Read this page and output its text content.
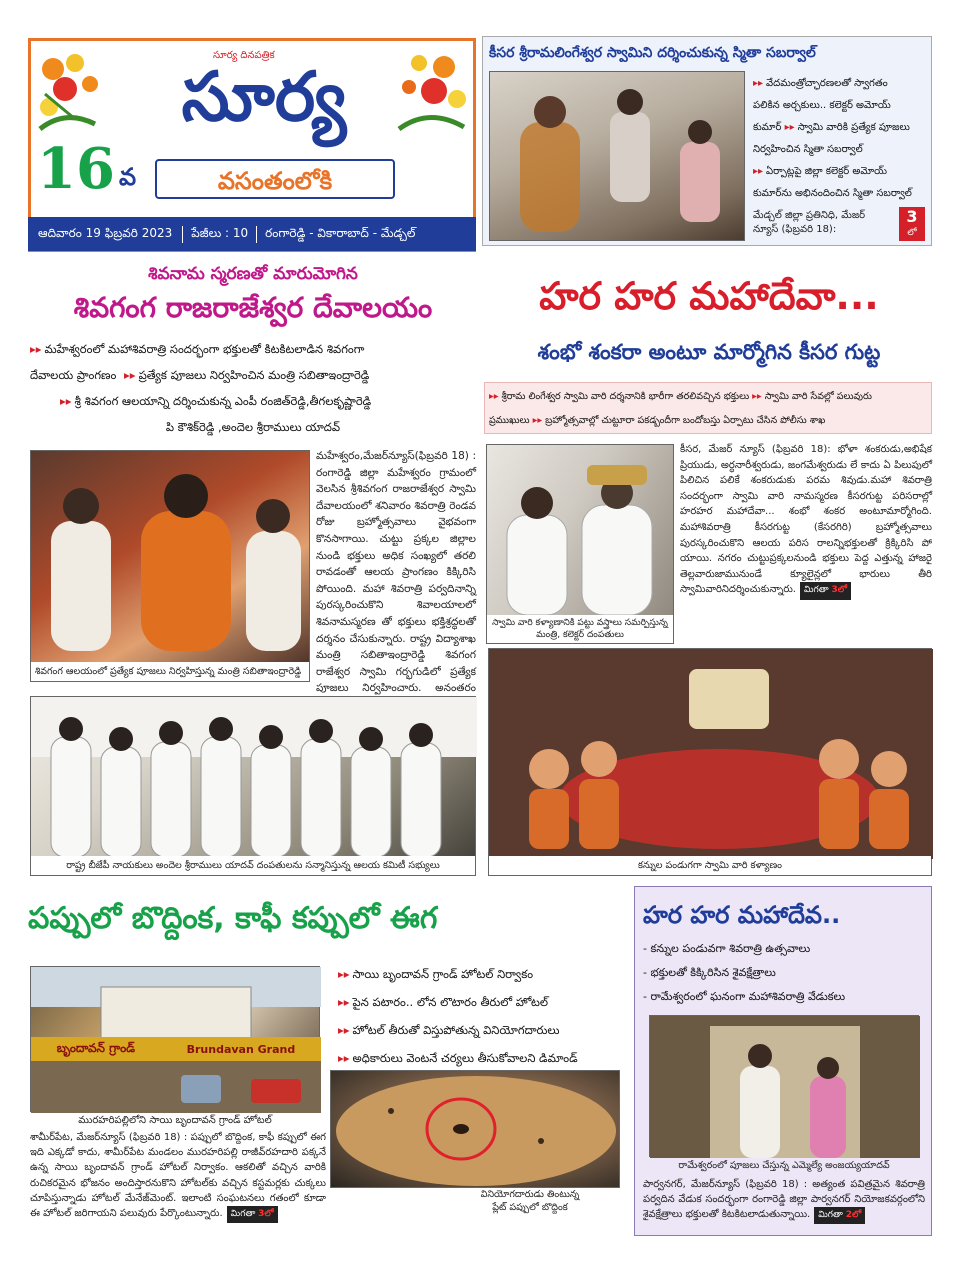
సూర్య దినపత్రిక
సూర్య
16 వ	వసంతంలోకి
ఆదివారం 19 ఫిబ్రవరి 2023	పేజీలు : 10	రంగారెడ్డి - వికారాబాద్ - మేడ్చల్
కీసర శ్రీరామలింగేశ్వర స్వామిని దర్శించుకున్న స్మితా సబర్వాల్
▸▸ వేదమంత్రోచ్ఛారణలతో స్వాగతం
పలికిన అర్చకులు.. కలెక్టర్ అమోయ్
కుమార్ ▸▸ స్వామి వారికి ప్రత్యేక పూజలు
నిర్వహించిన స్మితా సబర్వాల్
▸▸ ఏర్పాట్లపై జిల్లా కలెక్టర్ అమోయ్
కుమార్‌ను అభినందించిన స్మితా సబర్వాల్
మేడ్చల్ జిల్లా ప్రతినిధి, మేజర్ న్యూస్ (ఫిబ్రవరి 18):
3
లో
శివనామ స్మరణతో మారుమోగిన
శివగంగ రాజరాజేశ్వర దేవాలయం
▸▸ మహేశ్వరంలో మహాశివరాత్రి సందర్భంగా భక్తులతో కిటకిటలాడిన శివగంగా
దేవాలయ ప్రాంగణం  ▸▸ ప్రత్యేక పూజలు నిర్వహించిన మంత్రి సబితాఇంద్రారెడ్డి
▸▸ శ్రీ శివగంగ ఆలయాన్ని దర్శించుకున్న ఎంపీ రంజిత్‌రెడ్డి,తీగలకృష్ణారెడ్డి
పి కౌశిక్‌రెడ్డి ,అందెల శ్రీరాములు యాదవ్
శివగంగ ఆలయంలో ప్రత్యేక పూజలు నిర్వహిస్తున్న మంత్రి సబితాఇంద్రారెడ్డి
మహేశ్వరం,మేజర్‌న్యూస్(ఫిబ్రవరి 18) : రంగారెడ్డి జిల్లా మహేశ్వరం గ్రామంలో వెలసిన శ్రీశివగంగ రాజరాజేశ్వర స్వామి దేవాలయంలో శనివారం శివరాత్రి రెండవ రోజు బ్రహ్మోత్సవాలు వైభవంగా కొనసాగాయి. చుట్టు ప్రక్కల జిల్లాల నుండి భక్తులు అధిక సంఖ్యలో తరలి రావడంతో ఆలయ ప్రాంగణం కిక్కిరిసి పోయింది. మహా శివరాత్రి పర్వదినాన్ని పురస్కరించుకొని శివాలయాలలో శివనామస్మరణ తో భక్తులు భక్తిశ్రద్ధలతో దర్శనం చేసుకున్నారు. రాష్ట్ర విద్యాశాఖ మంత్రి సబితాఇంద్రారెడ్డి శివగంగ రాజేశ్వర స్వామి గర్భగుడిలో ప్రత్యేక పూజలు నిర్వహించారు. అనంతరం
రాష్ట్ర బీజేపీ నాయకులు అందెల శ్రీరాములు యాదవ్ దంపతులను సన్మానిస్తున్న ఆలయ కమిటీ సభ్యులు
హర హర మహాదేవా...
శంభో శంకరా అంటూ మార్మోగిన కీసర గుట్ట
▸▸ శ్రీరామ లింగేశ్వర స్వామి వారి దర్శనానికి భారీగా తరలివచ్చిన భక్తులు ▸▸ స్వామి వారి సేవల్లో పలువురు
ప్రముఖులు ▸▸ బ్రహ్మోత్సవాల్లో చుట్టూరా పకడ్బందీగా బందోబస్తు ఏర్పాటు చేసిన పోలీసు శాఖ
స్వామి వారి కళ్యాణానికి పట్టు వస్త్రాలు సమర్పిస్తున్న మంత్రి, కలెక్టర్ దంపతులు
కీసర, మేజర్ న్యూస్ (ఫిబ్రవరి 18): భోళా శంకరుడు,అభిషేక ప్రియుడు, అర్ధనారీశ్వరుడు, జంగమేశ్వరుడు లే కాదు ఏ పిలుపులో పిలిచిన పలికే శంకరుడుకు పరమ శివుడు.మహా శివరాత్రి సందర్భంగా స్వామి వారి నామస్మరణ కీసరగుట్ట పరిసరాల్లో హరహర మహాదేవా... శంభో శంకర అంటూమార్మోగింది. మహాశివరాత్రి కీసరగుట్ట (కేసరగిరి) బ్రహ్మోత్సవాలు పురస్కరించుకొని ఆలయ పరిస రాలన్నిభక్తులతో క్రిక్కిరిసి పో యాయి. నగరం చుట్టుప్రక్కలనుండి భక్తులు పెద్ద ఎత్తున్న హాజరై తెల్లవారుజామునుండే క్యూలైన్లలో భారులు తీరి స్వామివారినిదర్శించుకున్నారు. మిగతా 3లో
కన్నుల పండుగగా స్వామి వారి కళ్యాణం
పప్పులో బొద్దింక, కాఫీ కప్పులో ఈగ
బృందావన్ గ్రాండ్	Brundavan Grand
మురహరిపల్లిలోని సాయి బృందావన్ గ్రాండ్ హోటల్
▸▸ సాయి బృందావన్ గ్రాండ్ హోటల్ నిర్వాకం
▸▸ పైన పటారం.. లోన లొటారం తీరులో హోటల్
▸▸ హోటల్ తీరుతో విస్తుపోతున్న వినియోగదారులు
▸▸ అధికారులు వెంటనే చర్యలు తీసుకోవాలని డిమాండ్
వినియోగదారుడు తింటున్న
ప్లేట్ పప్పులో బొద్దింక
శామీర్‌పేట, మేజర్‌న్యూస్ (ఫిబ్రవరి 18) : పప్పులో బొద్దింక, కాఫీ కప్పులో ఈగ ఇది ఎక్కడో కాదు, శామీర్‌పేట మండలం మురహరిపల్లి రాజీవ్‌రహదారి పక్కనే ఉన్న సాయి బృందావన్ గ్రాండ్ హోటల్ నిర్వాకం. ఆకలితో వచ్చిన వారికి రుచికరమైన భోజనం అందిస్తారనుకొని హోటల్‌కు వచ్చిన కస్టమర్లకు చుక్కలు చూపిస్తున్నాడు హోటల్ మేనేజ్‌మెంట్. ఇలాంటి సంఘటనలు గతంలో కూడా ఈ హోటల్ జరిగాయని పలువురు పేర్కొంటున్నారు. మిగతా 3లో
హర హర మహాదేవ..
- కన్నుల పండువగా శివరాత్రి ఉత్సవాలు
- భక్తులతో కిక్కిరిసిన శైవక్షేత్రాలు
- రామేశ్వరంలో ఘనంగా మహాశివరాత్రి వేడుకలు
రామేశ్వరంలో పూజలు చేస్తున్న ఎమ్మెల్యే అంజయ్యయాదవ్
పార్వనగర్, మేజర్‌న్యూస్ (ఫిబ్రవరి 18) : అత్యంత పవిత్రమైన శివరాత్రి పర్వదిన వేడుక సందర్భంగా రంగారెడ్డి జిల్లా పార్వనగర్ నియోజకవర్గంలోని శైవక్షేత్రాలు భక్తులతో కిటకిటలాడుతున్నాయి. మిగతా 2లో
